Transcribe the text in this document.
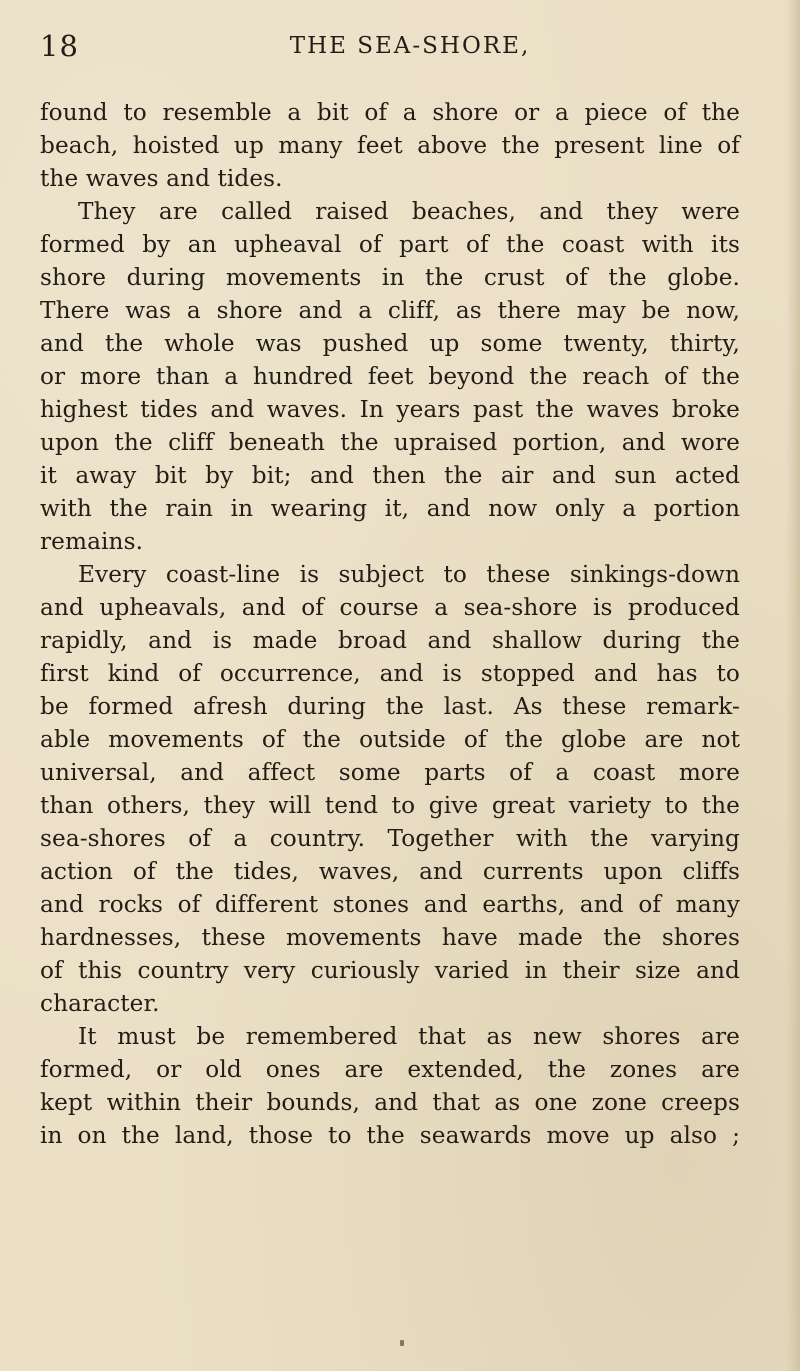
18	THE SEA-SHORE,
found to resemble a bit of a shore or a piece of the
beach, hoisted up many feet above the present line of
the waves and tides.
They are called raised beaches, and they were
formed by an upheaval of part of the coast with its
shore during movements in the crust of the globe.
There was a shore and a cliff, as there may be now,
and the whole was pushed up some twenty, thirty,
or more than a hundred feet beyond the reach of the
highest tides and waves. In years past the waves broke
upon the cliff beneath the upraised portion, and wore
it away bit by bit; and then the air and sun acted
with the rain in wearing it, and now only a portion
remains.
Every coast-line is subject to these sinkings-down
and upheavals, and of course a sea-shore is produced
rapidly, and is made broad and shallow during the
first kind of occurrence, and is stopped and has to
be formed afresh during the last. As these remark-
able movements of the outside of the globe are not
universal, and affect some parts of a coast more
than others, they will tend to give great variety to the
sea-shores of a country. Together with the varying
action of the tides, waves, and currents upon cliffs
and rocks of different stones and earths, and of many
hardnesses, these movements have made the shores
of this country very curiously varied in their size and
character.
It must be remembered that as new shores are
formed, or old ones are extended, the zones are
kept within their bounds, and that as one zone creeps
in on the land, those to the seawards move up also ;
